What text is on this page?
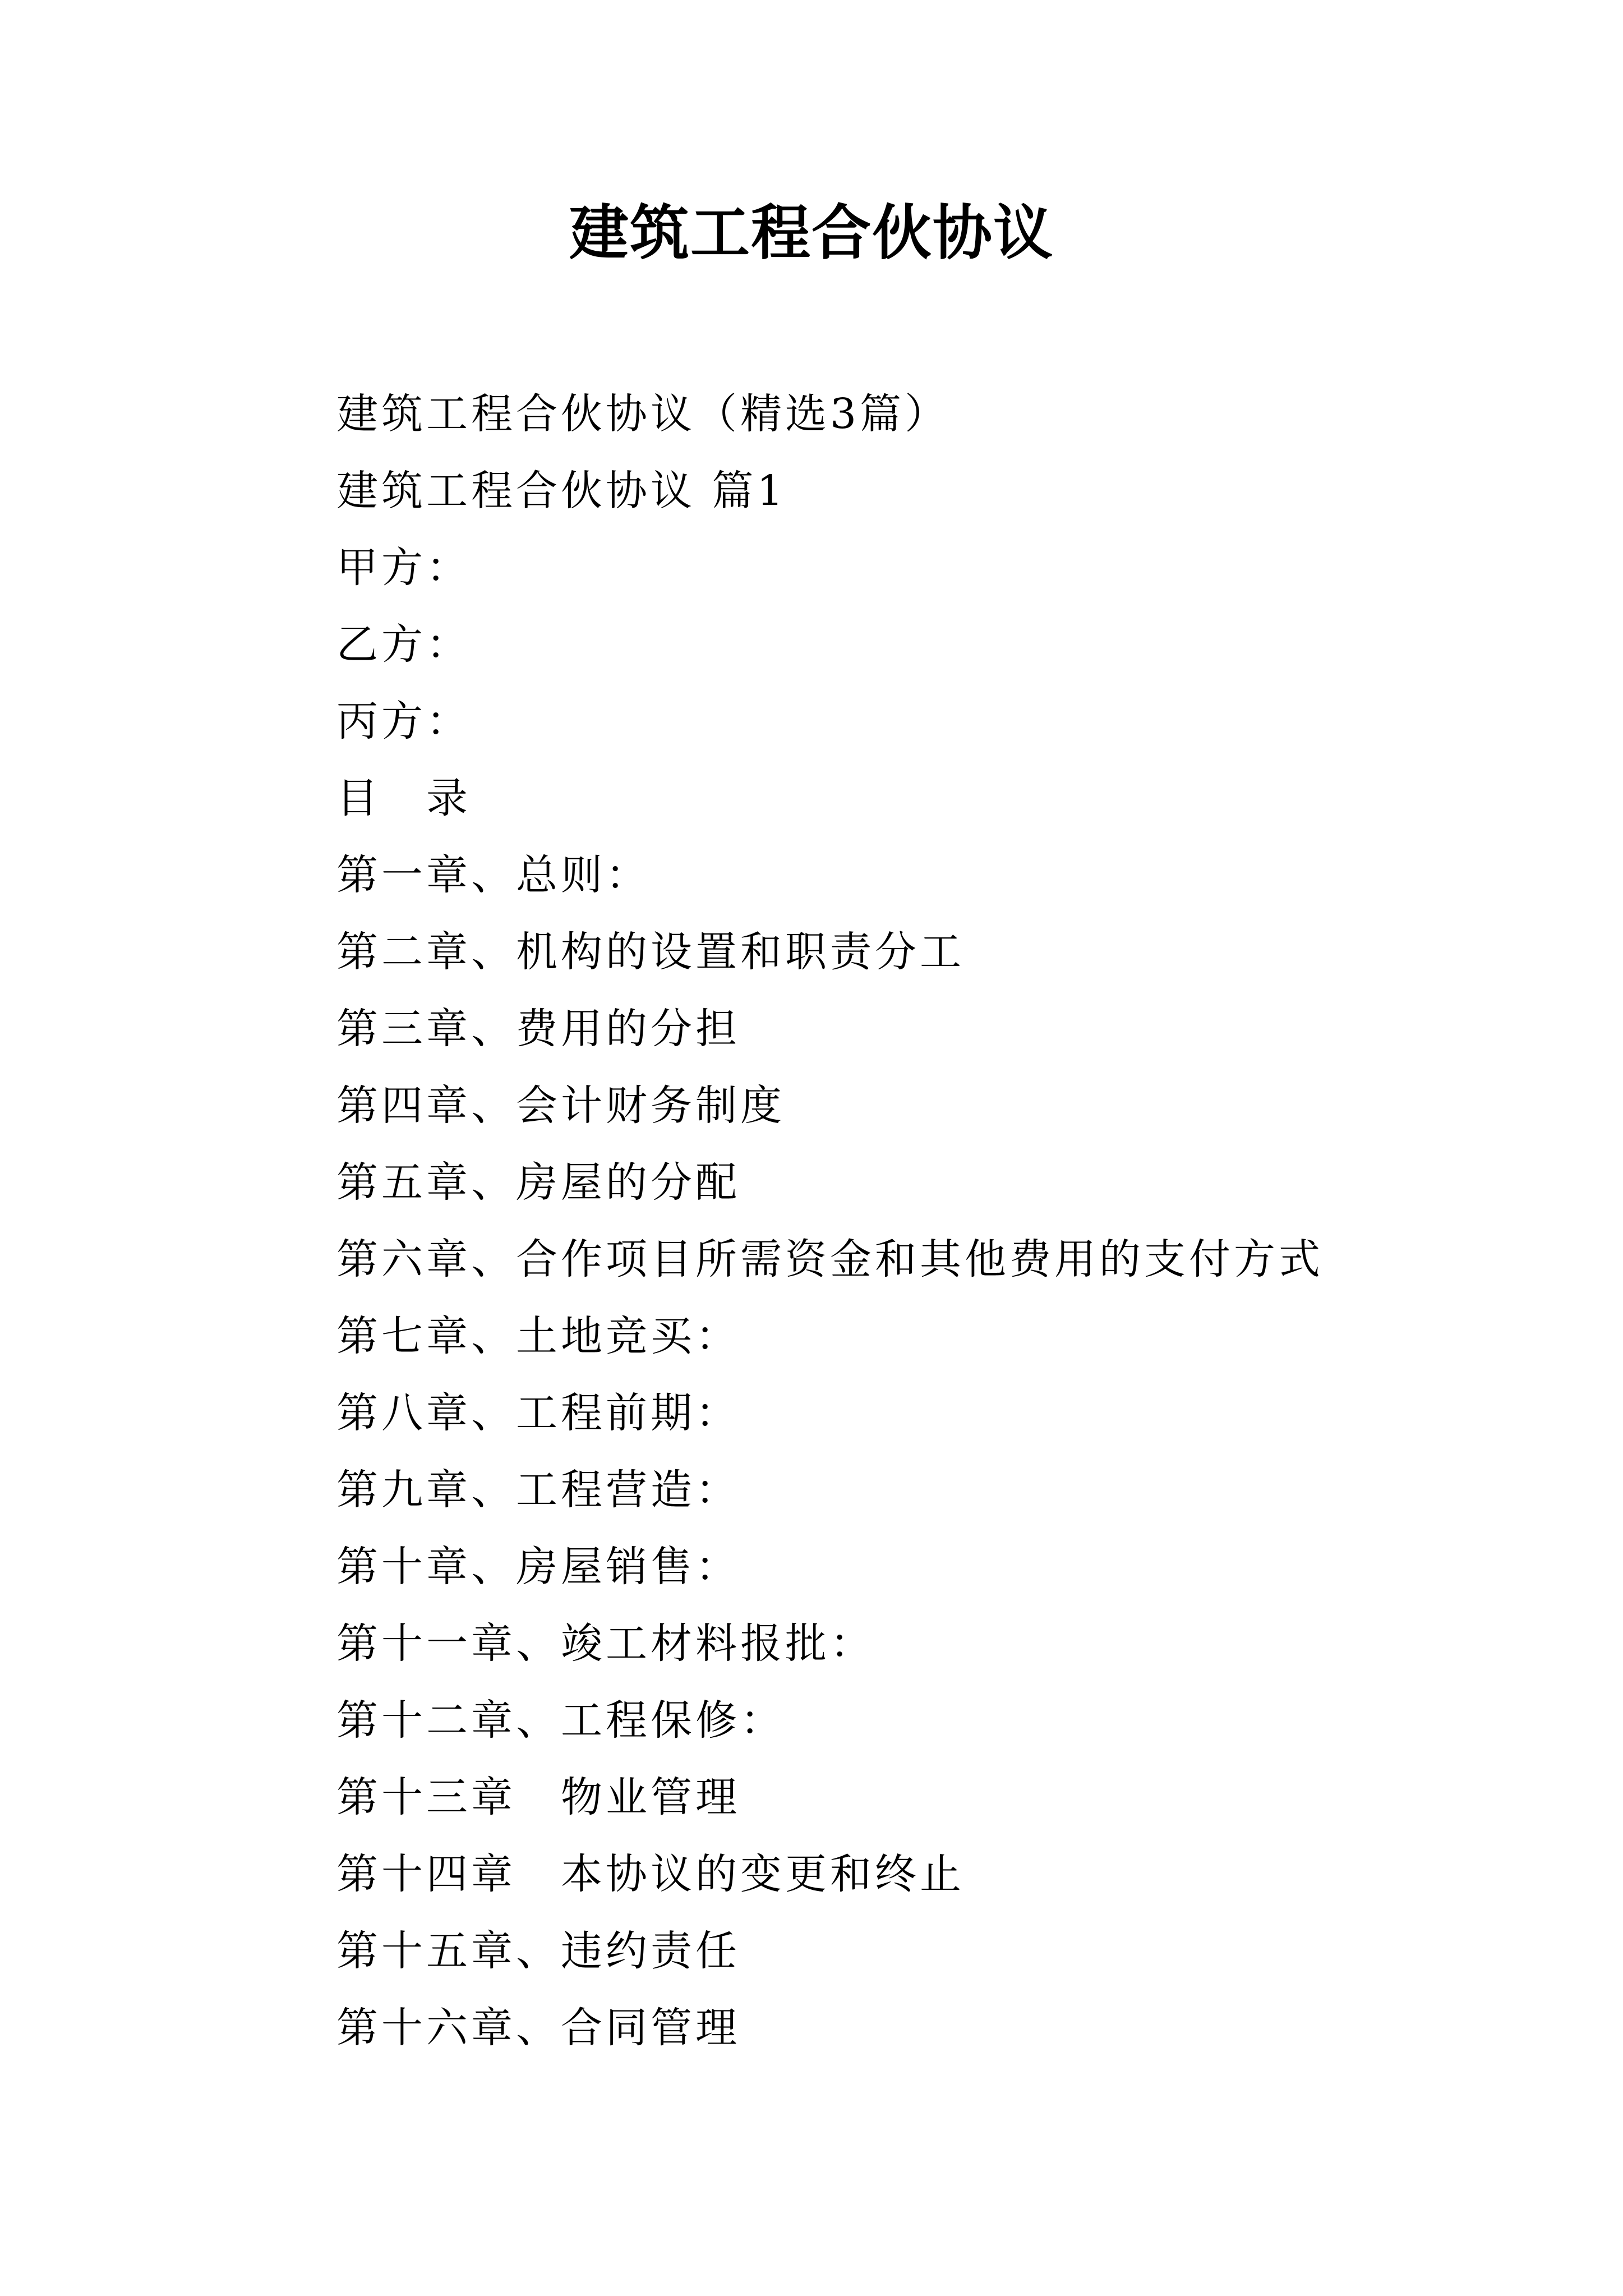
建筑工程合伙协议
建筑工程合伙协议（精选3篇）
建筑工程合伙协议 篇1
甲方：
乙方：
丙方：
目　录
第一章、总则：
第二章、机构的设置和职责分工
第三章、费用的分担
第四章、会计财务制度
第五章、房屋的分配
第六章、合作项目所需资金和其他费用的支付方式
第七章、土地竞买：
第八章、工程前期：
第九章、工程营造：
第十章、房屋销售：
第十一章、竣工材料报批：
第十二章、工程保修：
第十三章　物业管理
第十四章　本协议的变更和终止
第十五章、违约责任
第十六章、合同管理
